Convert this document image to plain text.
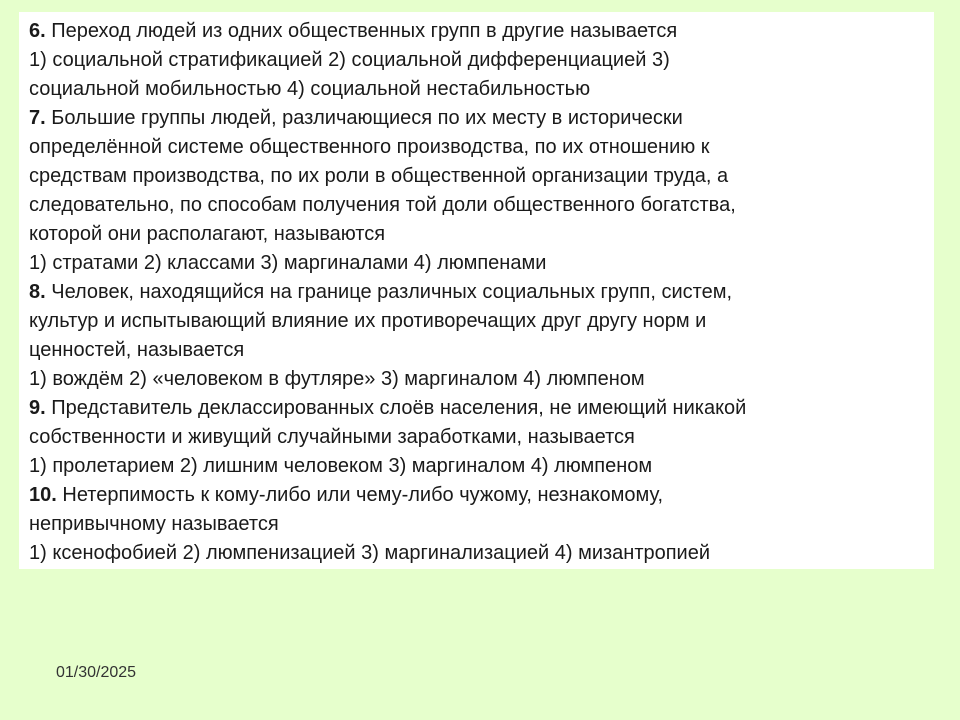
6. Переход людей из одних общественных групп в другие называется
1) социальной стратификацией 2) социальной дифференциацией 3)
социальной мобильностью 4) социальной нестабильностью
7. Большие группы людей, различающиеся по их месту в исторически
определённой системе общественного производства, по их отношению к
средствам производства, по их роли в общественной организации труда, а
следовательно, по способам получения той доли общественного богатства,
которой они располагают, называются
1) стратами 2) классами 3) маргиналами 4) люмпенами
8. Человек, находящийся на границе различных социальных групп, систем,
культур и испытывающий влияние их противоречащих друг другу норм и
ценностей, называется
1) вождём 2) «человеком в футляре» 3) маргиналом 4) люмпеном
9. Представитель деклассированных слоёв населения, не имеющий никакой
собственности и живущий случайными заработками, называется
1) пролетарием 2) лишним человеком 3) маргиналом 4) люмпеном
10. Нетерпимость к кому-либо или чему-либо чужому, незнакомому,
непривычному называется
1) ксенофобией 2) люмпенизацией 3) маргинализацией 4) мизантропией
01/30/2025
